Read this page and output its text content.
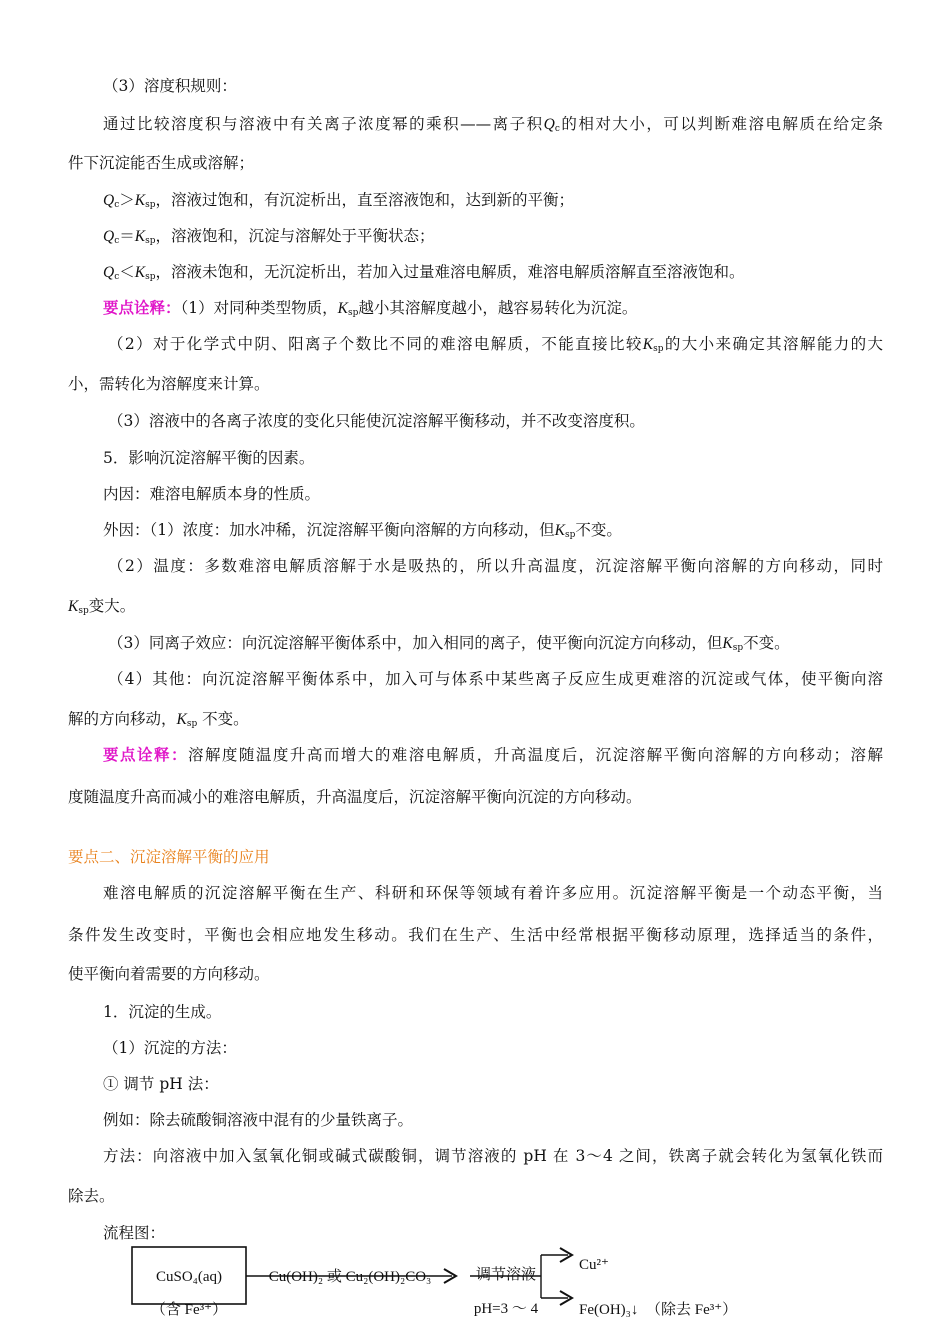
（3）溶度积规则：
通过比较溶度积与溶液中有关离子浓度幂的乘积——离子积$Q_c$的相对大小，可以判断难溶电解质在给定条
件下沉淀能否生成或溶解；
$Q_c>K_{sp}$，溶液过饱和，有沉淀析出，直至溶液饱和，达到新的平衡；
$Q_c=K_{sp}$，溶液饱和，沉淀与溶解处于平衡状态；
$Q_c<K_{sp}$，溶液未饱和，无沉淀析出，若加入过量难溶电解质，难溶电解质溶解直至溶液饱和。
要点诠释：（1）对同种类型物质，$K_{sp}$越小其溶解度越小，越容易转化为沉淀。
（2）对于化学式中阴、阳离子个数比不同的难溶电解质，不能直接比较$K_{sp}$的大小来确定其溶解能力的大
小，需转化为溶解度来计算。
（3）溶液中的各离子浓度的变化只能使沉淀溶解平衡移动，并不改变溶度积。
5．影响沉淀溶解平衡的因素。
内因：难溶电解质本身的性质。
外因：（1）浓度：加水冲稀，沉淀溶解平衡向溶解的方向移动，但$K_{sp}$不变。
（2）温度：多数难溶电解质溶解于水是吸热的，所以升高温度，沉淀溶解平衡向溶解的方向移动，同时
$K_{sp}$变大。
（3）同离子效应：向沉淀溶解平衡体系中，加入相同的离子，使平衡向沉淀方向移动，但$K_{sp}$不变。
（4）其他：向沉淀溶解平衡体系中，加入可与体系中某些离子反应生成更难溶的沉淀或气体，使平衡向溶
解的方向移动，$K_{sp}$ 不变。
要点诠释：溶解度随温度升高而增大的难溶电解质，升高温度后，沉淀溶解平衡向溶解的方向移动；溶解
度随温度升高而减小的难溶电解质，升高温度后，沉淀溶解平衡向沉淀的方向移动。
要点二、沉淀溶解平衡的应用
难溶电解质的沉淀溶解平衡在生产、科研和环保等领域有着许多应用。沉淀溶解平衡是一个动态平衡，当
条件发生改变时，平衡也会相应地发生移动。我们在生产、生活中经常根据平衡移动原理，选择适当的条件，
使平衡向着需要的方向移动。
1．沉淀的生成。
（1）沉淀的方法：
① 调节 pH 法：
例如：除去硫酸铜溶液中混有的少量铁离子。
方法：向溶液中加入氢氧化铜或碱式碳酸铜，调节溶液的 pH 在 3～4 之间，铁离子就会转化为氢氧化铁而
除去。
流程图：
CuSO₄(aq)
（含 Fe³⁺）
Cu(OH)₂ 或 Cu₂(OH)₂CO₃	调节溶液
pH=3 ～ 4
Cu²⁺
Fe(OH)₃↓ （除去 Fe³⁺）
